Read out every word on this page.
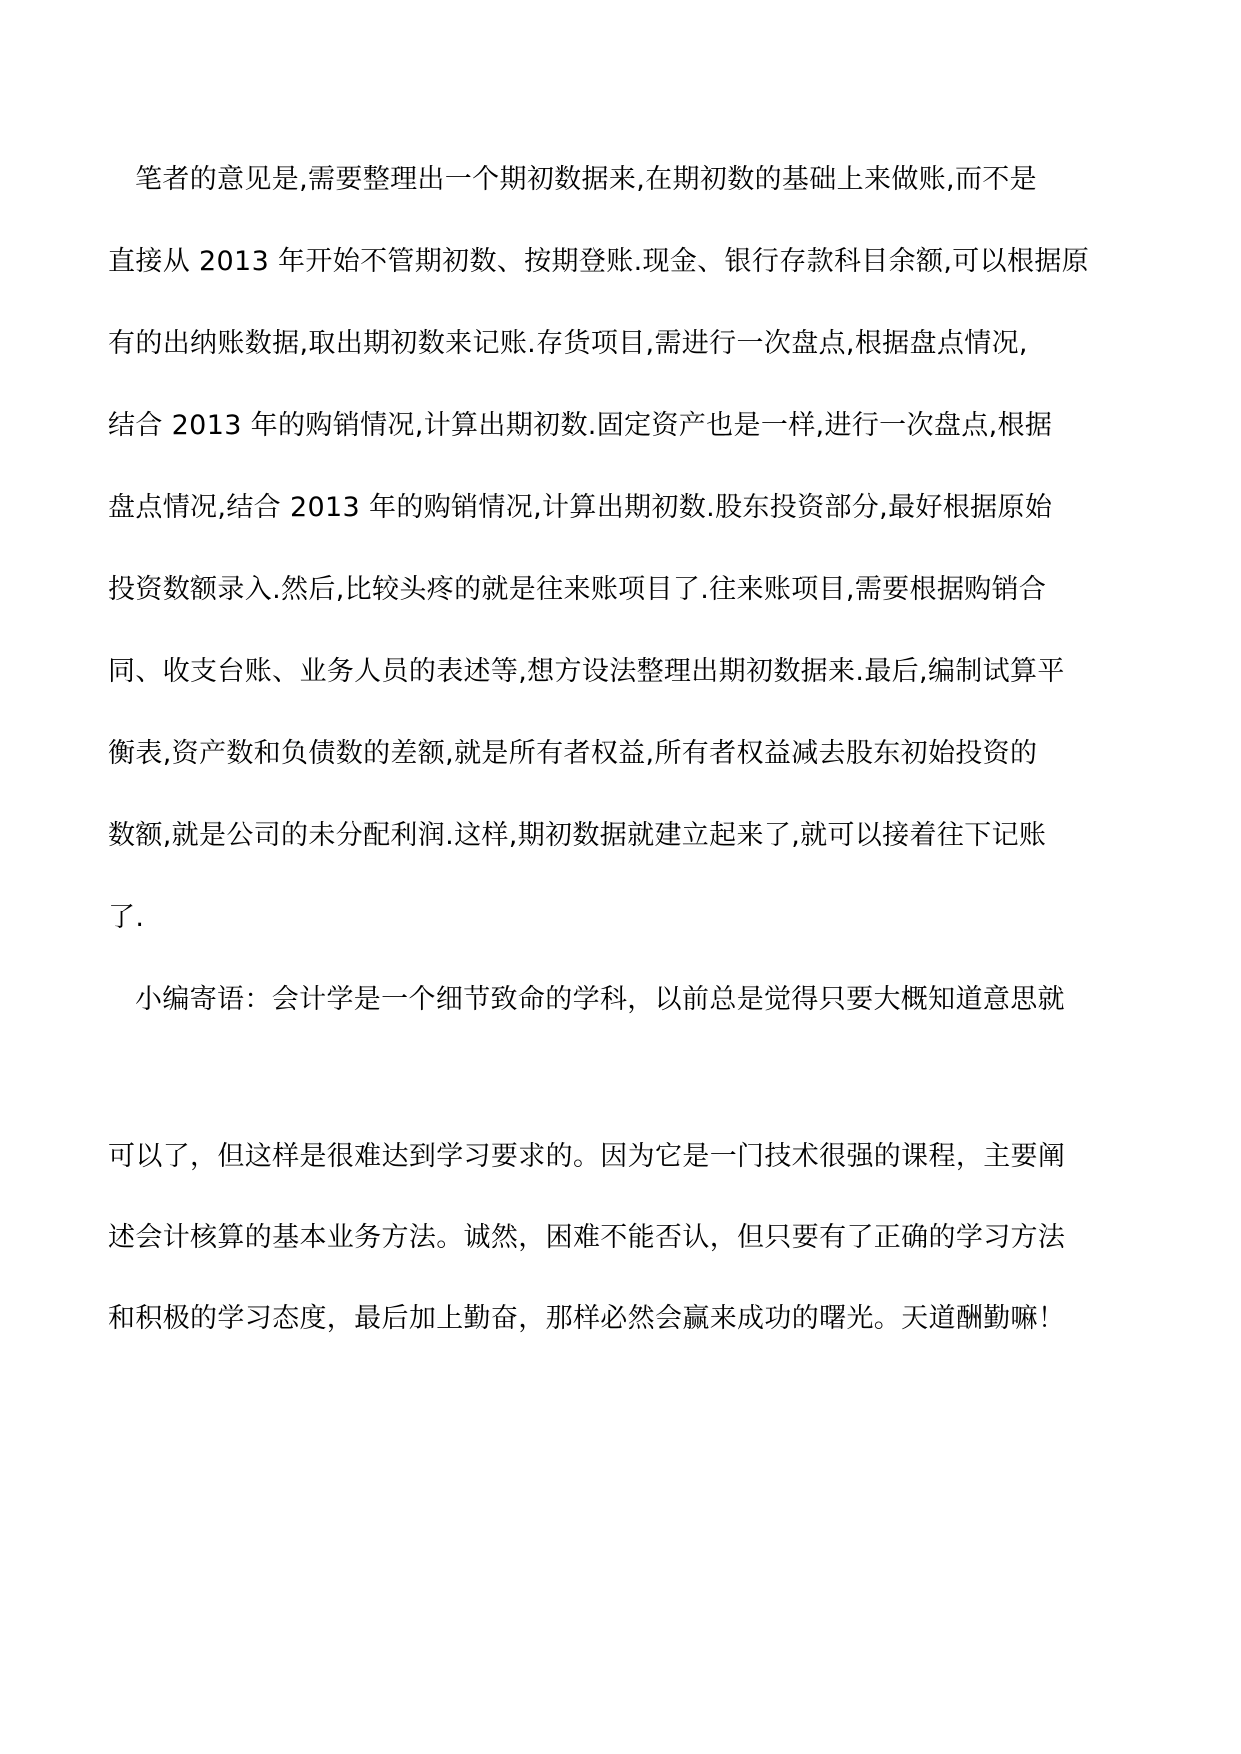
笔者的意见是,需要整理出一个期初数据来,在期初数的基础上来做账,而不是
直接从 2013 年开始不管期初数、按期登账.现金、银行存款科目余额,可以根据原
有的出纳账数据,取出期初数来记账.存货项目,需进行一次盘点,根据盘点情况,
结合 2013 年的购销情况,计算出期初数.固定资产也是一样,进行一次盘点,根据
盘点情况,结合 2013 年的购销情况,计算出期初数.股东投资部分,最好根据原始
投资数额录入.然后,比较头疼的就是往来账项目了.往来账项目,需要根据购销合
同、收支台账、业务人员的表述等,想方设法整理出期初数据来.最后,编制试算平
衡表,资产数和负债数的差额,就是所有者权益,所有者权益减去股东初始投资的
数额,就是公司的未分配利润.这样,期初数据就建立起来了,就可以接着往下记账
了.
小编寄语：会计学是一个细节致命的学科，以前总是觉得只要大概知道意思就
可以了，但这样是很难达到学习要求的。因为它是一门技术很强的课程，主要阐
述会计核算的基本业务方法。诚然，困难不能否认，但只要有了正确的学习方法
和积极的学习态度，最后加上勤奋，那样必然会赢来成功的曙光。天道酬勤嘛！
